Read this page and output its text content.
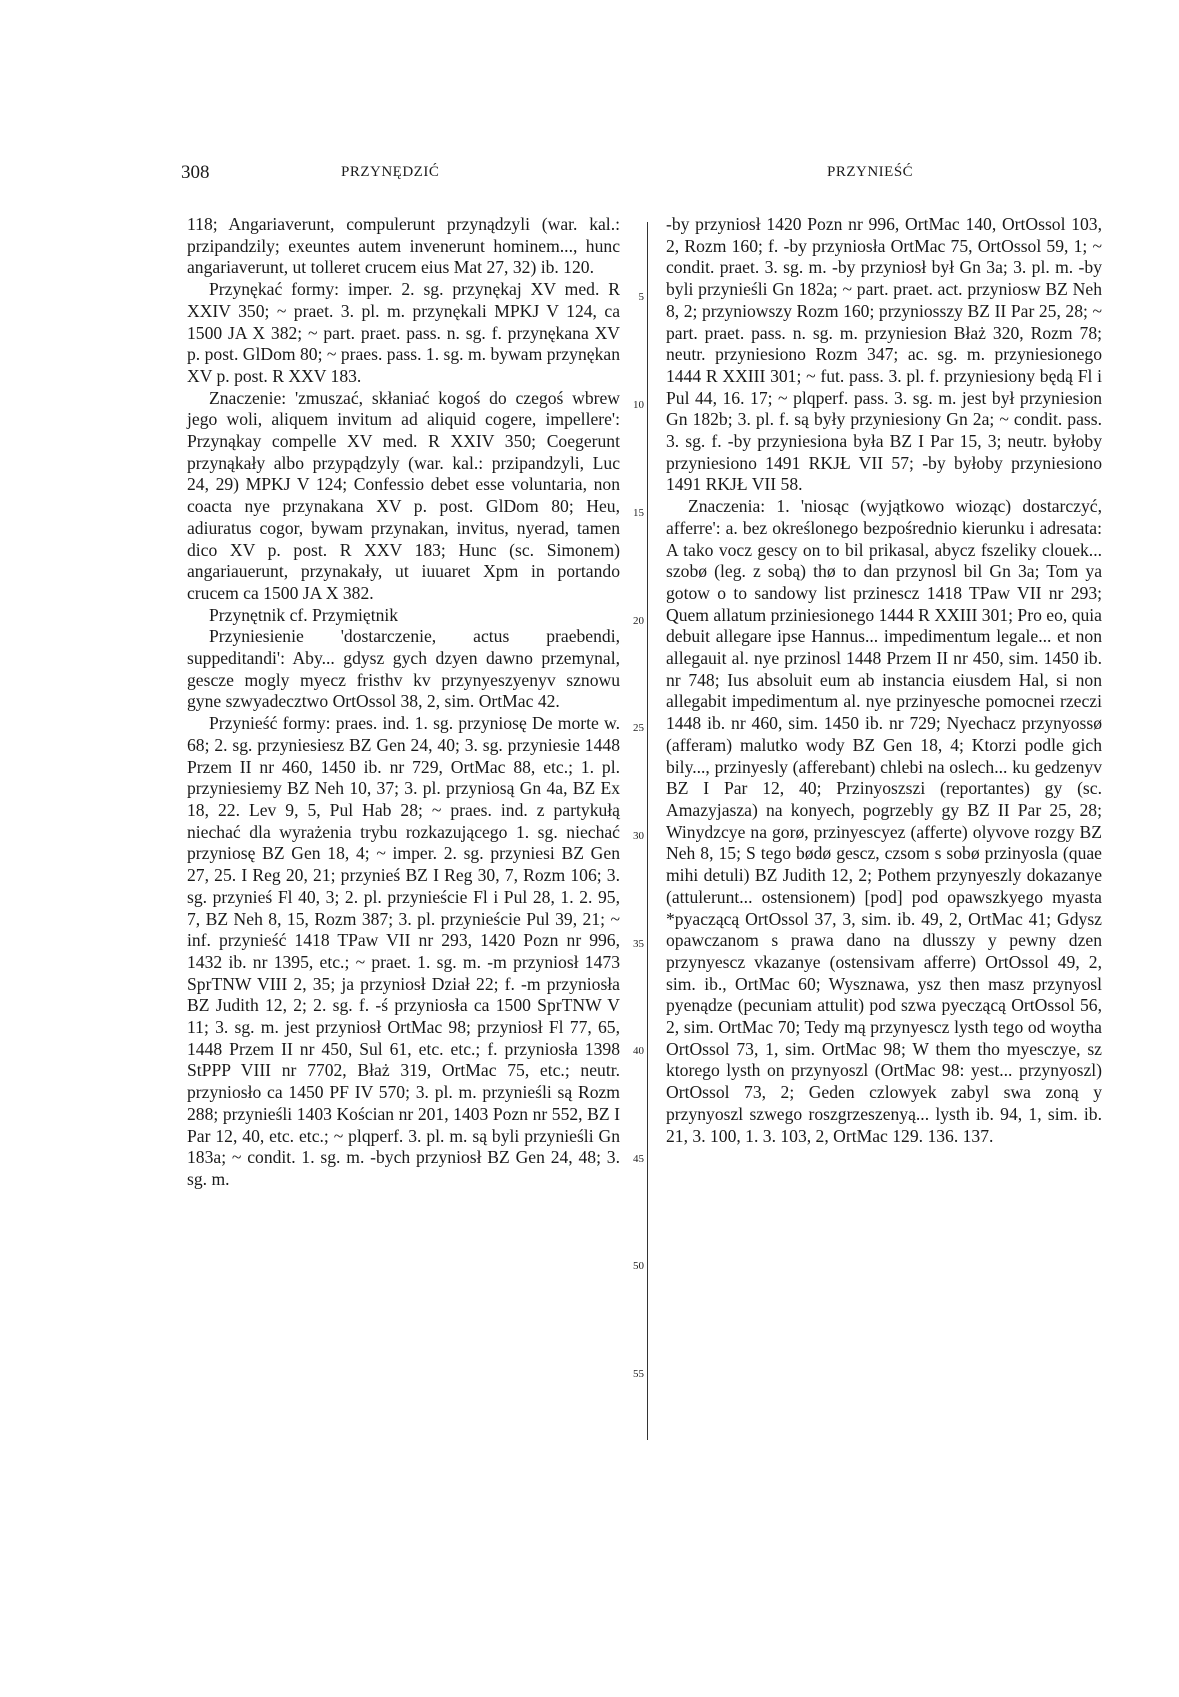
308	PRZYNĘDZIĆ	PRZYNIEŚĆ

118; Angariaverunt, compulerunt przynądzyli (war. kal.: przipandzily; exeuntes autem invenerunt hominem..., hunc angariaverunt, ut tolleret crucem eius Mat 27, 32) ib. 120.

Przynękać formy: imper. 2. sg. przynękaj XV med. R XXIV 350; ~ praet. 3. pl. m. przynękali MPKJ V 124, ca 1500 JA X 382; ~ part. praet. pass. n. sg. f. przynękana XV p. post. GlDom 80; ~ praes. pass. 1. sg. m. bywam przynękan XV p. post. R XXV 183.

Znaczenie: 'zmuszać, skłaniać kogoś do czegoś wbrew jego woli, aliquem invitum ad aliquid cogere, impellere': Przynąkay compelle XV med. R XXIV 350; Coegerunt przynąkały albo przypądzyly (war. kal.: przipandzyli, Luc 24, 29) MPKJ V 124; Confessio debet esse voluntaria, non coacta nye przynakana XV p. post. GlDom 80; Heu, adiuratus cogor, bywam przynakan, invitus, nyerad, tamen dico XV p. post. R XXV 183; Hunc (sc. Simonem) angariauerunt, przynakały, ut iuuaret Xpm in portando crucem ca 1500 JA X 382.

Przynętnik cf. Przymiętnik

Przyniesienie 'dostarczenie, actus praebendi, suppeditandi': Aby... gdysz gych dzyen dawno przemynal, gescze mogly myecz fristhv kv przynyeszyenyv sznowu gyne szwyadecztwo OrtOssol 38, 2, sim. OrtMac 42.

Przynieść formy: praes. ind. 1. sg. przyniosę De morte w. 68; 2. sg. przyniesiesz BZ Gen 24, 40; 3. sg. przyniesie 1448 Przem II nr 460, 1450 ib. nr 729, OrtMac 88, etc.; 1. pl. przyniesiemy BZ Neh 10, 37; 3. pl. przyniosą Gn 4a, BZ Ex 18, 22. Lev 9, 5, Pul Hab 28; ~ praes. ind. z partykułą niechać dla wyrażenia trybu rozkazującego 1. sg. niechać przyniosę BZ Gen 18, 4; ~ imper. 2. sg. przyniesi BZ Gen 27, 25. I Reg 20, 21; przynieś BZ I Reg 30, 7, Rozm 106; 3. sg. przynieś Fl 40, 3; 2. pl. przynieście Fl i Pul 28, 1. 2. 95, 7, BZ Neh 8, 15, Rozm 387; 3. pl. przynieście Pul 39, 21; ~ inf. przynieść 1418 TPaw VII nr 293, 1420 Pozn nr 996, 1432 ib. nr 1395, etc.; ~ praet. 1. sg. m. -m przyniosł 1473 SprTNW VIII 2, 35; ja przyniosł Dział 22; f. -m przyniosła BZ Judith 12, 2; 2. sg. f. -ś przyniosła ca 1500 SprTNW V 11; 3. sg. m. jest przyniosł OrtMac 98; przyniosł Fl 77, 65, 1448 Przem II nr 450, Sul 61, etc. etc.; f. przyniosła 1398 StPPP VIII nr 7702, Błaż 319, OrtMac 75, etc.; neutr. przyniosło ca 1450 PF IV 570; 3. pl. m. przynieśli są Rozm 288; przynieśli 1403 Kościan nr 201, 1403 Pozn nr 552, BZ I Par 12, 40, etc. etc.; ~ plqperf. 3. pl. m. są byli przynieśli Gn 183a; ~ condit. 1. sg. m. -bych przyniosł BZ Gen 24, 48; 3. sg. m.

5
10
15
20
25
30
35
40
45
50
55

-by przyniosł 1420 Pozn nr 996, OrtMac 140, OrtOssol 103, 2, Rozm 160; f. -by przyniosła OrtMac 75, OrtOssol 59, 1; ~ condit. praet. 3. sg. m. -by przyniosł był Gn 3a; 3. pl. m. -by byli przynieśli Gn 182a; ~ part. praet. act. przyniosw BZ Neh 8, 2; przyniowszy Rozm 160; przyniosszy BZ II Par 25, 28; ~ part. praet. pass. n. sg. m. przyniesion Błaż 320, Rozm 78; neutr. przyniesiono Rozm 347; ac. sg. m. przyniesionego 1444 R XXIII 301; ~ fut. pass. 3. pl. f. przyniesiony będą Fl i Pul 44, 16. 17; ~ plqperf. pass. 3. sg. m. jest był przyniesion Gn 182b; 3. pl. f. są były przyniesiony Gn 2a; ~ condit. pass. 3. sg. f. -by przyniesiona była BZ I Par 15, 3; neutr. byłoby przyniesiono 1491 RKJŁ VII 57; -by byłoby przyniesiono 1491 RKJŁ VII 58.

Znaczenia: 1. 'niosąc (wyjątkowo wioząc) dostarczyć, afferre': a. bez określonego bezpośrednio kierunku i adresata: A tako vocz gescy on to bil prikasal, abycz fszeliky clouek... szobø (leg. z sobą) thø to dan przynosl bil Gn 3a; Tom ya gotow o to sandowy list przinescz 1418 TPaw VII nr 293; Quem allatum prziniesionego 1444 R XXIII 301; Pro eo, quia debuit allegare ipse Hannus... impedimentum legale... et non allegauit al. nye przinosl 1448 Przem II nr 450, sim. 1450 ib. nr 748; Ius absoluit eum ab instancia eiusdem Hal, si non allegabit impedimentum al. nye przinyesche pomocnei rzeczi 1448 ib. nr 460, sim. 1450 ib. nr 729; Nyechacz przynyossø (afferam) malutko wody BZ Gen 18, 4; Ktorzi podle gich bily..., przinyesly (afferebant) chlebi na oslech... ku gedzenyv BZ I Par 12, 40; Przinyoszszi (reportantes) gy (sc. Amazyjasza) na konyech, pogrzebly gy BZ II Par 25, 28; Winydzcye na gorø, przinyescyez (afferte) olyvove rozgy BZ Neh 8, 15; S tego bødø gescz, czsom s sobø przinyosla (quae mihi detuli) BZ Judith 12, 2; Pothem przynyeszly dokazanye (attulerunt... ostensionem) [pod] pod opawszkyego myasta *pyaczącą OrtOssol 37, 3, sim. ib. 49, 2, OrtMac 41; Gdysz opawczanom s prawa dano na dlusszy y pewny dzen przynyescz vkazanye (ostensivam afferre) OrtOssol 49, 2, sim. ib., OrtMac 60; Wysznawa, ysz then masz przynyosl pyenądze (pecuniam attulit) pod szwa pyeczącą OrtOssol 56, 2, sim. OrtMac 70; Tedy mą przynyescz lysth tego od woytha OrtOssol 73, 1, sim. OrtMac 98; W them tho myesczye, sz ktorego lysth on przynyoszl (OrtMac 98: yest... przynyoszl) OrtOssol 73, 2; Geden czlowyek zabyl swa zoną y przynyoszl szwego roszgrzeszenyą... lysth ib. 94, 1, sim. ib. 21, 3. 100, 1. 3. 103, 2, OrtMac 129. 136. 137.
